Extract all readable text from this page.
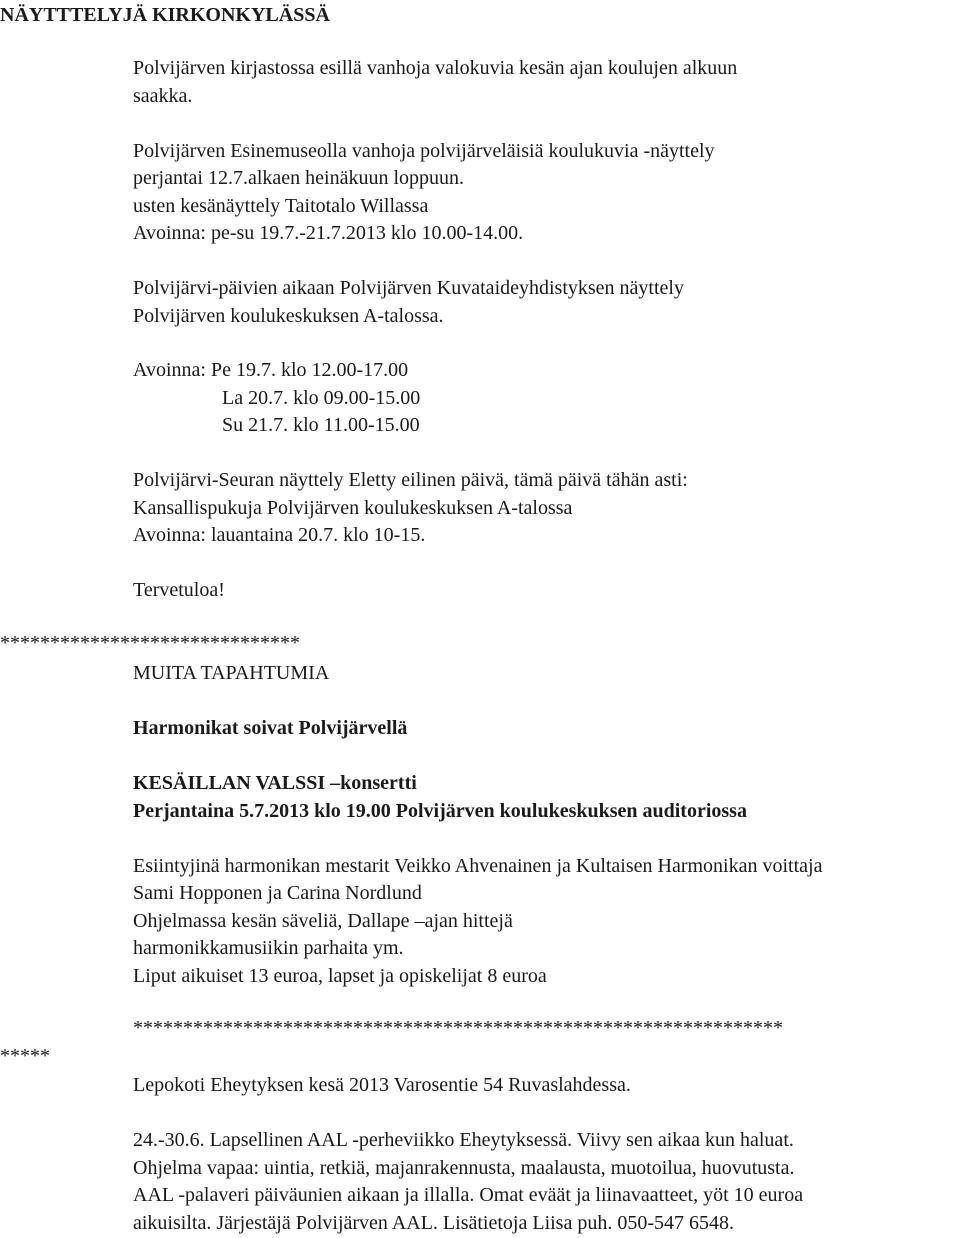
NÄYTTTELYJÄ KIRKONKYLÄSSÄ
Polvijärven kirjastossa esillä vanhoja valokuvia kesän ajan koulujen alkuun
saakka.
Polvijärven Esinemuseolla vanhoja polvijärveläisiä koulukuvia -näyttely
perjantai 12.7.alkaen heinäkuun loppuun.
usten kesänäyttely Taitotalo Willassa
Avoinna: pe-su 19.7.-21.7.2013 klo 10.00-14.00.
Polvijärvi-päivien aikaan Polvijärven Kuvataideyhdistyksen näyttely
Polvijärven koulukeskuksen A-talossa.
Avoinna: Pe 19.7. klo 12.00-17.00
La 20.7. klo 09.00-15.00
Su 21.7. klo 11.00-15.00
Polvijärvi-Seuran näyttely Eletty eilinen päivä, tämä päivä tähän asti:
Kansallispukuja Polvijärven koulukeskuksen A-talossa
Avoinna: lauantaina 20.7. klo 10-15.
Tervetuloa!
******************************
MUITA TAPAHTUMIA
Harmonikat soivat Polvijärvellä
KESÄILLAN VALSSI –konsertti
Perjantaina 5.7.2013 klo 19.00 Polvijärven koulukeskuksen auditoriossa
Esiintyjinä harmonikan mestarit Veikko Ahvenainen ja Kultaisen Harmonikan voittaja
Sami Hopponen ja Carina Nordlund
Ohjelmassa kesän säveliä, Dallape –ajan hittejä
harmonikkamusiikin parhaita ym.
Liput aikuiset 13 euroa, lapset ja opiskelijat 8 euroa
*****************************************************************
*****
Lepokoti Eheytyksen kesä 2013 Varosentie 54 Ruvaslahdessa.
24.-30.6. Lapsellinen AAL -perheviikko Eheytyksessä. Viivy sen aikaa kun haluat.
Ohjelma vapaa: uintia, retkiä, majanrakennusta, maalausta, muotoilua, huovutusta.
AAL -palaveri päiväunien aikaan ja illalla. Omat eväät ja liinavaatteet, yöt 10 euroa
aikuisilta. Järjestäjä Polvijärven AAL. Lisätietoja Liisa puh. 050-547 6548.
